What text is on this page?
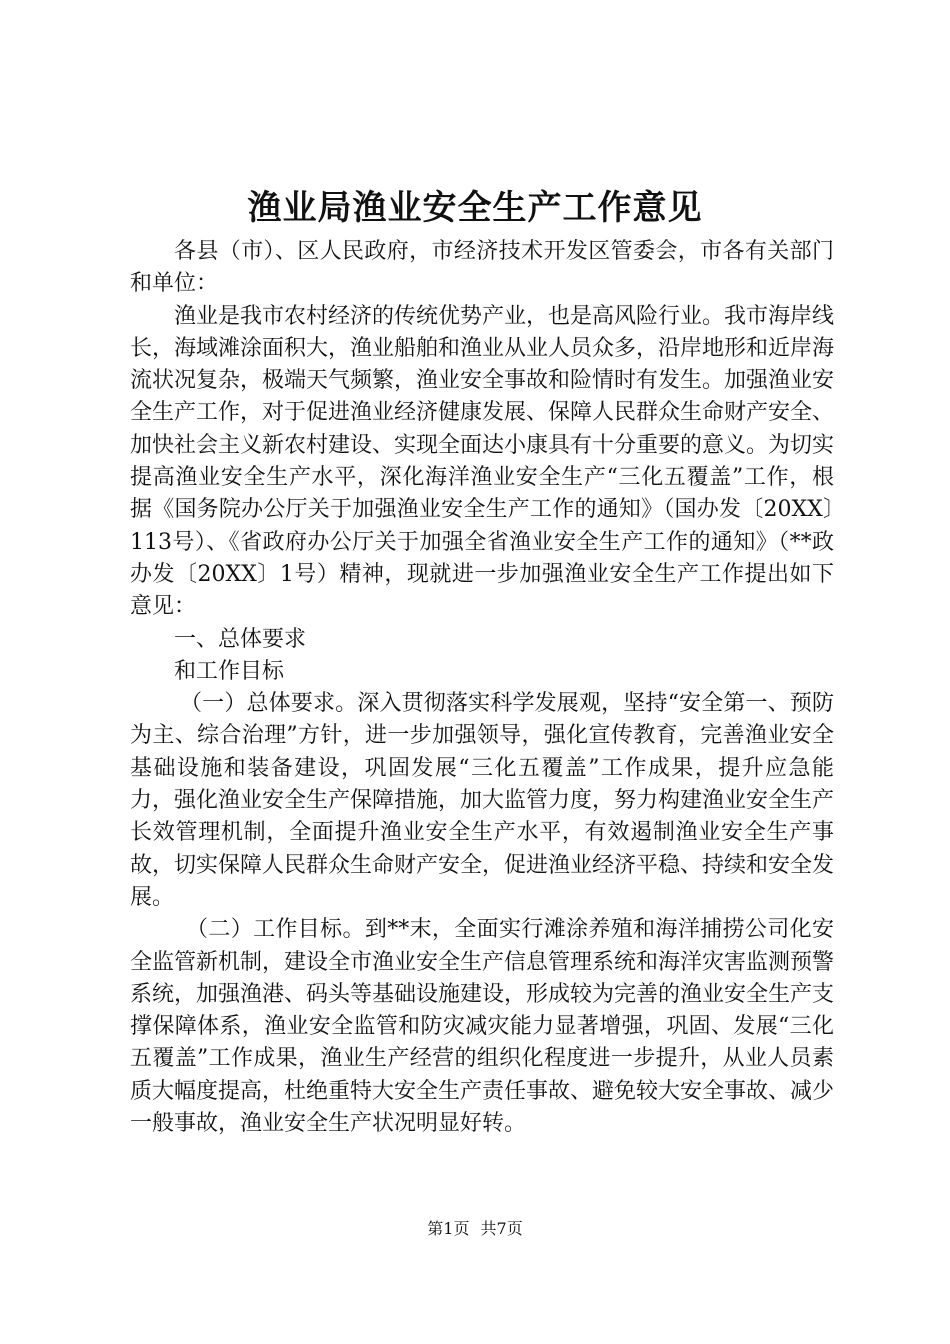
渔业局渔业安全生产工作意见

各县（市）、区人民政府，市经济技术开发区管委会，市各有关部门和单位：

渔业是我市农村经济的传统优势产业，也是高风险行业。我市海岸线长，海域滩涂面积大，渔业船舶和渔业从业人员众多，沿岸地形和近岸海流状况复杂，极端天气频繁，渔业安全事故和险情时有发生。加强渔业安全生产工作，对于促进渔业经济健康发展、保障人民群众生命财产安全、加快社会主义新农村建设、实现全面达小康具有十分重要的意义。为切实提高渔业安全生产水平，深化海洋渔业安全生产“三化五覆盖”工作，根据《国务院办公厅关于加强渔业安全生产工作的通知》（国办发〔20XX〕113号）、《省政府办公厅关于加强全省渔业安全生产工作的通知》（**政办发〔20XX〕1号）精神，现就进一步加强渔业安全生产工作提出如下意见：

一、总体要求

和工作目标

（一）总体要求。深入贯彻落实科学发展观，坚持“安全第一、预防为主、综合治理”方针，进一步加强领导，强化宣传教育，完善渔业安全基础设施和装备建设，巩固发展“三化五覆盖”工作成果，提升应急能力，强化渔业安全生产保障措施，加大监管力度，努力构建渔业安全生产长效管理机制，全面提升渔业安全生产水平，有效遏制渔业安全生产事故，切实保障人民群众生命财产安全，促进渔业经济平稳、持续和安全发展。

（二）工作目标。到**末，全面实行滩涂养殖和海洋捕捞公司化安全监管新机制，建设全市渔业安全生产信息管理系统和海洋灾害监测预警系统，加强渔港、码头等基础设施建设，形成较为完善的渔业安全生产支撑保障体系，渔业安全监管和防灾减灾能力显著增强，巩固、发展“三化五覆盖”工作成果，渔业生产经营的组织化程度进一步提升，从业人员素质大幅度提高，杜绝重特大安全生产责任事故、避免较大安全事故、减少一般事故，渔业安全生产状况明显好转。

第1页 共7页
